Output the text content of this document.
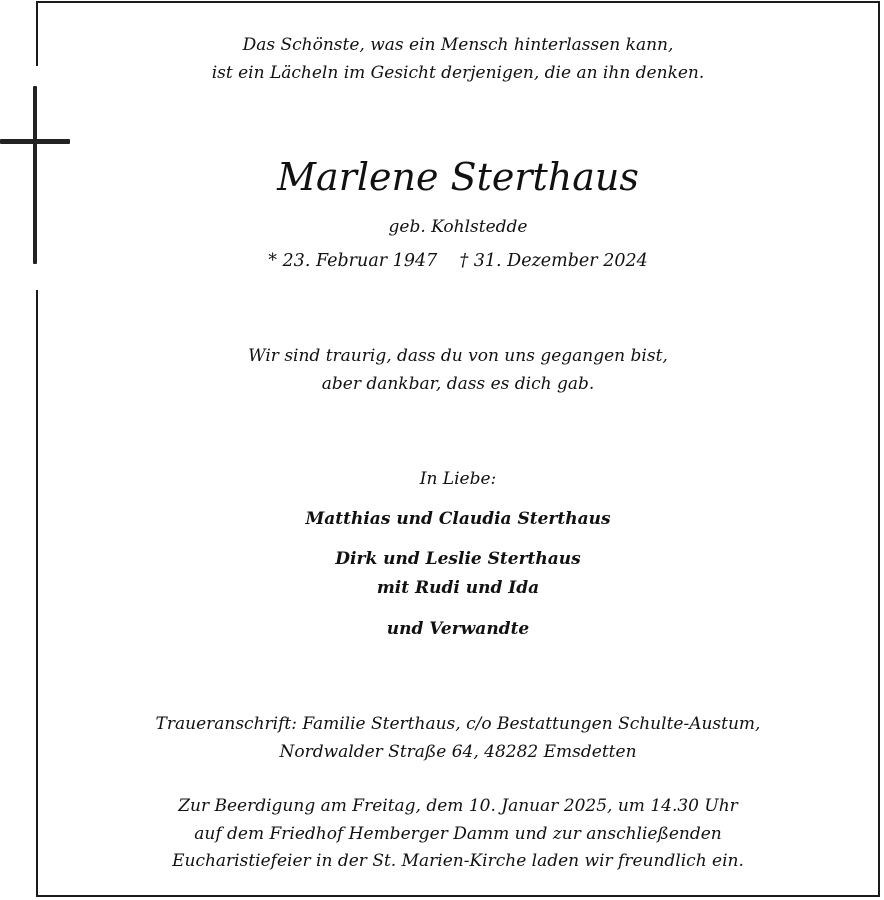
Das Schönste, was ein Mensch hinterlassen kann,
ist ein Lächeln im Gesicht derjenigen, die an ihn denken.
Marlene Sterthaus
geb. Kohlstedde
* 23. Februar 1947    † 31. Dezember 2024
Wir sind traurig, dass du von uns gegangen bist,
aber dankbar, dass es dich gab.
In Liebe:
Matthias und Claudia Sterthaus
Dirk und Leslie Sterthaus
mit Rudi und Ida
und Verwandte
Traueranschrift: Familie Sterthaus, c/o Bestattungen Schulte-Austum,
Nordwalder Straße 64, 48282 Emsdetten
Zur Beerdigung am Freitag, dem 10. Januar 2025, um 14.30 Uhr
auf dem Friedhof Hemberger Damm und zur anschließenden
Eucharistiefeier in der St. Marien-Kirche laden wir freundlich ein.
